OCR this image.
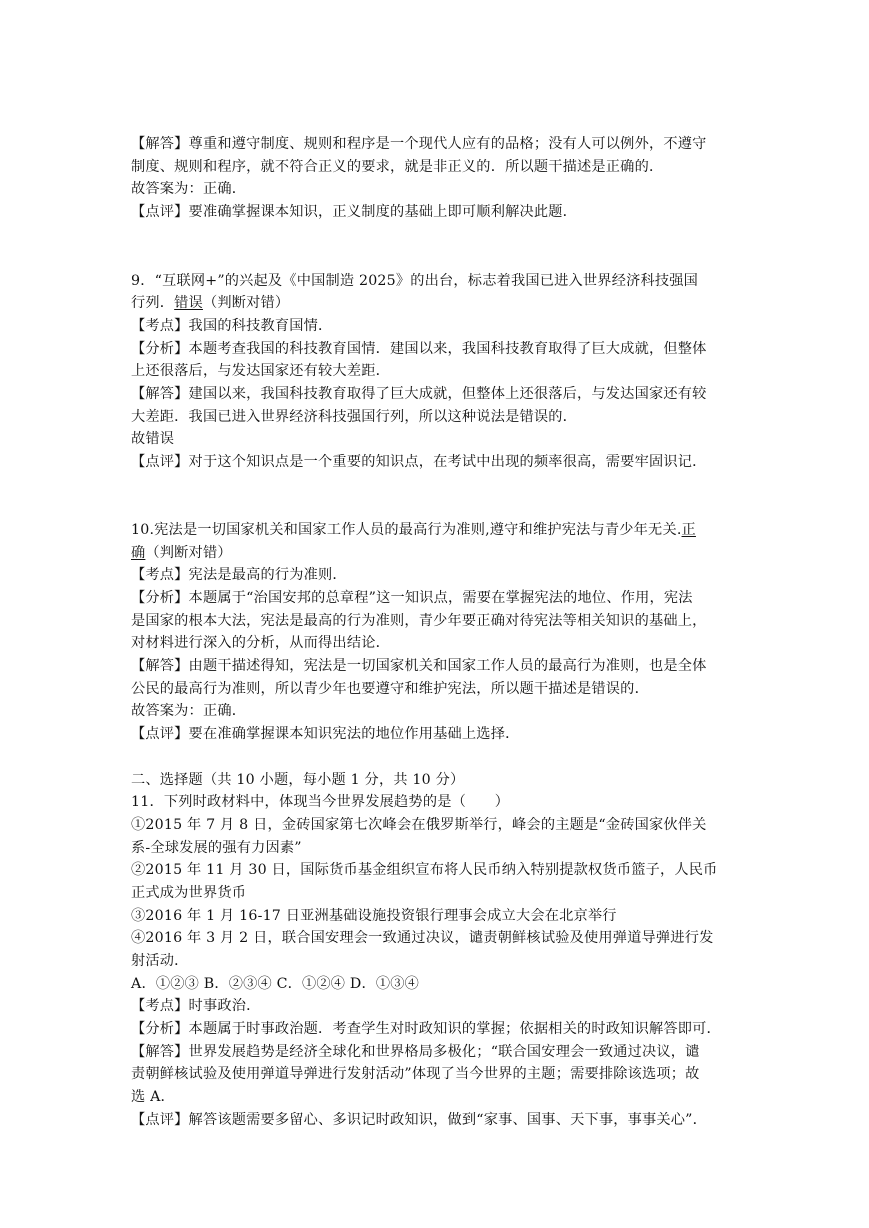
【解答】尊重和遵守制度、规则和程序是一个现代人应有的品格；没有人可以例外，不遵守
制度、规则和程序，就不符合正义的要求，就是非正义的．所以题干描述是正确的．
故答案为：正确．
【点评】要准确掌握课本知识，正义制度的基础上即可顺利解决此题．
9．“互联网+”的兴起及《中国制造 2025》的出台，标志着我国已进入世界经济科技强国
行列．错误（判断对错）
【考点】我国的科技教育国情．
【分析】本题考查我国的科技教育国情．建国以来，我国科技教育取得了巨大成就，但整体
上还很落后，与发达国家还有较大差距．
【解答】建国以来，我国科技教育取得了巨大成就，但整体上还很落后，与发达国家还有较
大差距．我国已进入世界经济科技强国行列，所以这种说法是错误的．
故错误
【点评】对于这个知识点是一个重要的知识点，在考试中出现的频率很高，需要牢固识记．
10.宪法是一切国家机关和国家工作人员的最高行为准则,遵守和维护宪法与青少年无关.正
确（判断对错）
【考点】宪法是最高的行为准则．
【分析】本题属于“治国安邦的总章程”这一知识点，需要在掌握宪法的地位、作用，宪法
是国家的根本大法，宪法是最高的行为准则，青少年要正确对待宪法等相关知识的基础上，
对材料进行深入的分析，从而得出结论．
【解答】由题干描述得知，宪法是一切国家机关和国家工作人员的最高行为准则，也是全体
公民的最高行为准则，所以青少年也要遵守和维护宪法，所以题干描述是错误的．
故答案为：正确．
【点评】要在准确掌握课本知识宪法的地位作用基础上选择．
二、选择题（共 10 小题，每小题 1 分，共 10 分）
11．下列时政材料中，体现当今世界发展趋势的是（　　）
①2015 年 7 月 8 日，金砖国家第七次峰会在俄罗斯举行，峰会的主题是“金砖国家伙伴关
系-全球发展的强有力因素”
②2015 年 11 月 30 日，国际货币基金组织宣布将人民币纳入特别提款权货币篮子，人民币
正式成为世界货币
③2016 年 1 月 16-17 日亚洲基础设施投资银行理事会成立大会在北京举行
④2016 年 3 月 2 日，联合国安理会一致通过决议，谴责朝鲜核试验及使用弹道导弹进行发
射活动．
A．①②③ B．②③④ C．①②④ D．①③④
【考点】时事政治．
【分析】本题属于时事政治题．考查学生对时政知识的掌握；依据相关的时政知识解答即可．
【解答】世界发展趋势是经济全球化和世界格局多极化；“联合国安理会一致通过决议，谴
责朝鲜核试验及使用弹道导弹进行发射活动”体现了当今世界的主题；需要排除该选项；故
选 A．
【点评】解答该题需要多留心、多识记时政知识，做到“家事、国事、天下事，事事关心”．
